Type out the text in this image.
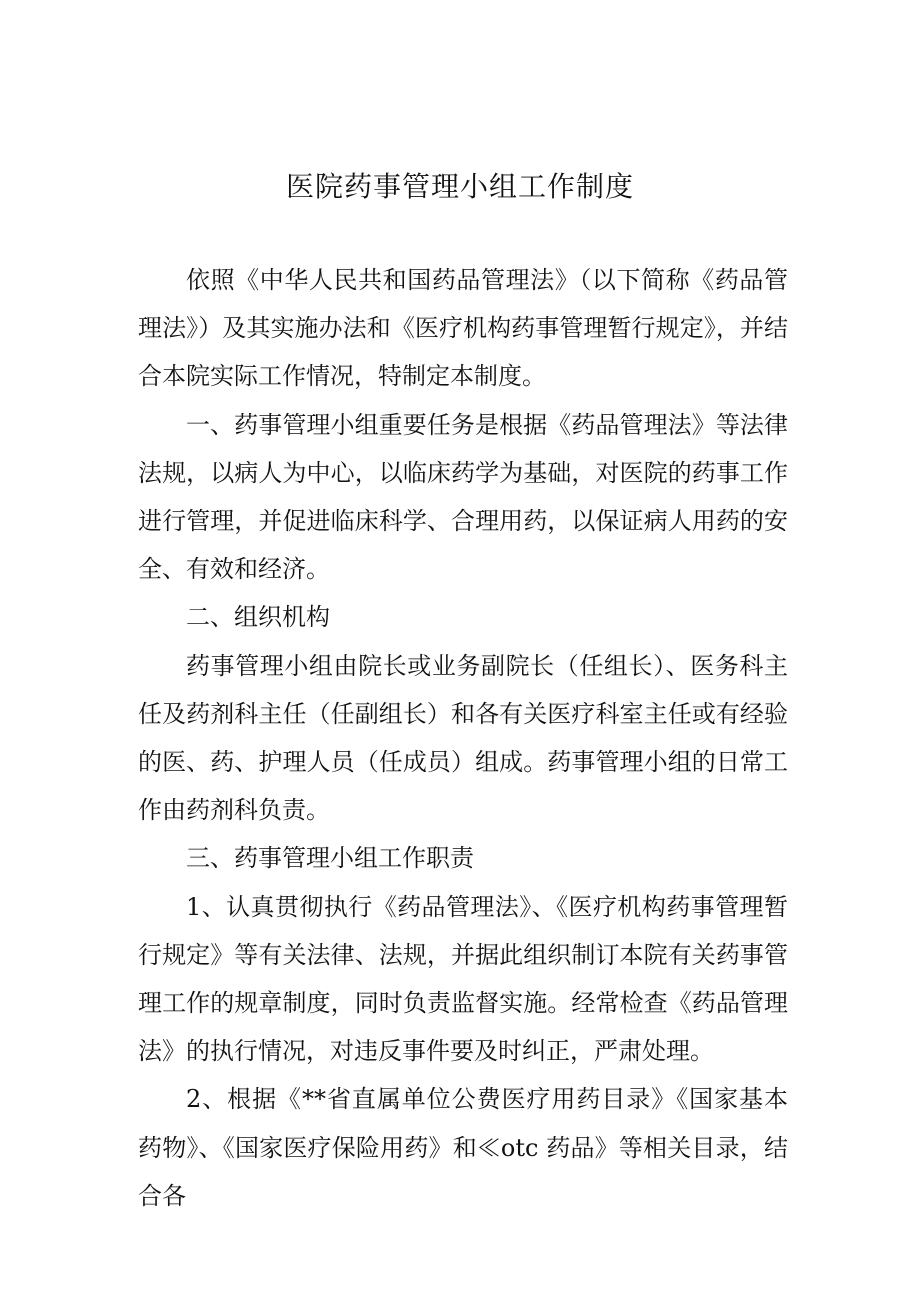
医院药事管理小组工作制度

依照《中华人民共和国药品管理法》（以下简称《药品管理法》）及其实施办法和《医疗机构药事管理暂行规定》，并结合本院实际工作情况，特制定本制度。

一、药事管理小组重要任务是根据《药品管理法》等法律法规，以病人为中心，以临床药学为基础，对医院的药事工作进行管理，并促进临床科学、合理用药，以保证病人用药的安全、有效和经济。

二、组织机构

药事管理小组由院长或业务副院长（任组长）、医务科主任及药剂科主任（任副组长）和各有关医疗科室主任或有经验的医、药、护理人员（任成员）组成。药事管理小组的日常工作由药剂科负责。

三、药事管理小组工作职责

1、认真贯彻执行《药品管理法》、《医疗机构药事管理暂行规定》等有关法律、法规，并据此组织制订本院有关药事管理工作的规章制度，同时负责监督实施。经常检查《药品管理法》的执行情况，对违反事件要及时纠正，严肃处理。

2、根据《**省直属单位公费医疗用药目录》《国家基本药物》、《国家医疗保险用药》和≪otc 药品》等相关目录，结合各
